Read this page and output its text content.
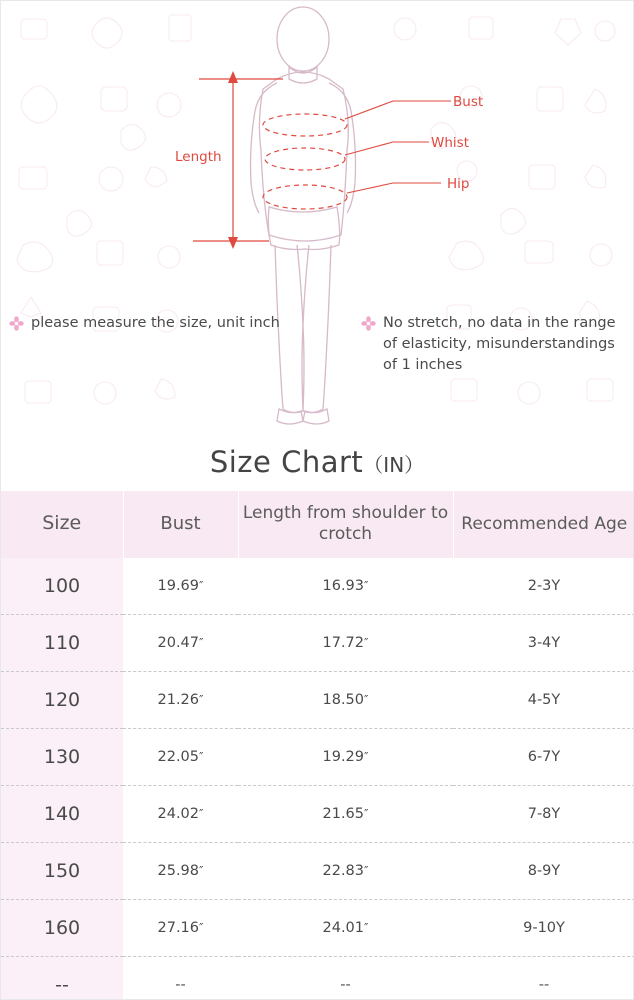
Length
Bust
Whist
Hip
please measure the size, unit inch	No stretch, no data in the range of elasticity, misunderstandings of 1 inches
Size Chart（IN）
Size	Bust	Length from shoulder to crotch	Recommended Age
100	19.69″	16.93″	2-3Y
110	20.47″	17.72″	3-4Y
120	21.26″	18.50″	4-5Y
130	22.05″	19.29″	6-7Y
140	24.02″	21.65″	7-8Y
150	25.98″	22.83″	8-9Y
160	27.16″	24.01″	9-10Y
--	--	--	--
